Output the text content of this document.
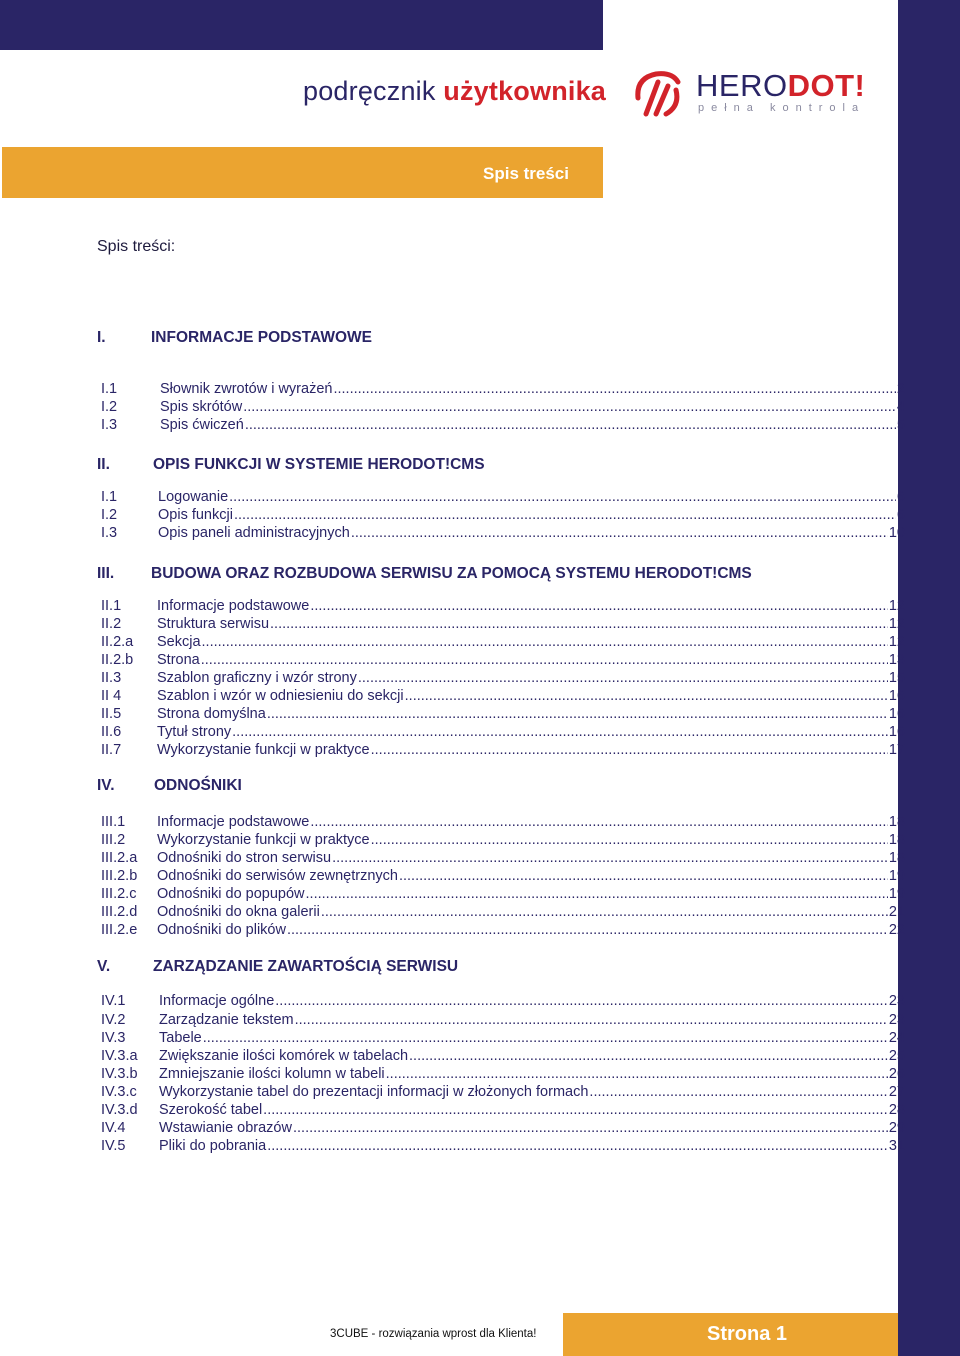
podręcznik użytkownika	HERODOT!
pełna kontrola
Spis treści
Spis treści:
I.	INFORMACJE PODSTAWOWE
I.1	Słownik zwrotów i wyrażeń .....	2
I.2	Spis skrótów .....	4
I.3	Spis ćwiczeń .....	5
II.	OPIS FUNKCJI W SYSTEMIE HERODOT!CMS
I.1	Logowanie .....	6
I.2	Opis funkcji .....	6
I.3	Opis paneli administracyjnych .....	10
III. BUDOWA ORAZ ROZBUDOWA SERWISU ZA POMOCĄ SYSTEMU HERODOT!CMS
II.1 Informacje podstawowe .....	12
II.2 Struktura serwisu .....	12
II.2.a Sekcja .....	12
II.2.b Strona .....	13
II.3 Szablon graficzny i wzór strony .....	15
II 4 Szablon i wzór w odniesieniu do sekcji .....	16
II.5 Strona domyślna .....	16
II.6 Tytuł strony .....	16
II.7 Wykorzystanie funkcji w praktyce .....	17
IV.	ODNOŚNIKI
III.1 Informacje podstawowe .....	18
III.2 Wykorzystanie funkcji w praktyce .....	18
III.2.a Odnośniki do stron serwisu .....	18
III.2.b Odnośniki do serwisów zewnętrznych .....	19
III.2.c Odnośniki do popupów .....	19
III.2.d Odnośniki do okna galerii .....	21
III.2.e Odnośniki do plików .....	22
V.	ZARZĄDZANIE ZAWARTOŚCIĄ SERWISU
IV.1 Informacje ogólne .....	23
IV.2 Zarządzanie tekstem .....	23
IV.3 Tabele .....	24
IV.3.a Zwiększanie ilości komórek w tabelach .....	25
IV.3.b Zmniejszanie ilości kolumn w tabeli .....	26
IV.3.c Wykorzystanie tabel do prezentacji informacji w złożonych formach .....	27
IV.3.d Szerokość tabel .....	28
IV.4 Wstawianie obrazów .....	29
IV.5 Pliki do pobrania .....	31
3CUBE - rozwiązania wprost dla Klienta!	Strona 1
